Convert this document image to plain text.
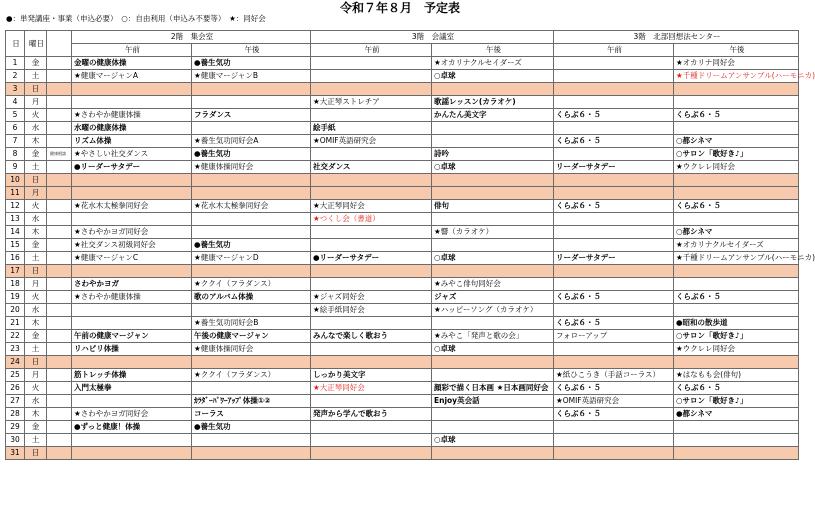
令和７年８月　予定表
●：単発講座・事業（申込必要）　○：自由利用（申込み不要等）　★：同好会
日	曜日		2階　集会室		3階　会議室		3階　北部回想法センター	
			午前	午後	午前	午後	午前	午後
1	金		金曜の健康体操	●養生気功		★オカリナクルセイダーズ		★オカリナ同好会
2	土		★健康マージャンA	★健康マージャンB		○卓球		★千種ドリームアンサンブル(ハーモニカ)
3	日							
4	月				★大正琴ストレチア	歌謡レッスン(カラオケ)		
5	火		★さわやか健康体操	フラダンス		かんたん美文字	くらぶ６・５	くらぶ６・５
6	水		水曜の健康体操		絵手紙			
7	木		リズム体操	★養生気功同好会A	★OMIF英語研究会		くらぶ６・５	○都シネマ
8	金	健康相談	★やさしい社交ダンス	●養生気功		詩吟		○サロン「歌好き♪」
9	土		●リーダーサタデー	★健康体操同好会	社交ダンス	○卓球	リーダーサタデー	★ウクレレ同好会
10	日							
11	月							
12	火		★花水木太極拳同好会	★花水木太極拳同好会	★大正琴同好会	俳句	くらぶ６・５	くらぶ６・５
13	水				★つくし会（書道）			
14	木		★さわやかヨガ同好会			★響（カラオケ）		○都シネマ
15	金		★社交ダンス初級同好会	●養生気功				★オカリナクルセイダーズ
16	土		★健康マージャンC	★健康マージャンD	●リーダーサタデー	○卓球	リーダーサタデー	★千種ドリームアンサンブル(ハーモニカ)
17	日							
18	月		さわやかヨガ	★ククイ（フラダンス）		★みやこ俳句同好会		
19	火		★さわやか健康体操	歌のアルバム体操	★ジャズ同好会	ジャズ	くらぶ６・５	くらぶ６・５
20	水				★絵手紙同好会	★ハッピーソング（カラオケ）		
21	木			★養生気功同好会B			くらぶ６・５	●昭和の散歩道
22	金		午前の健康マージャン	午後の健康マージャン	みんなで楽しく歌おう	★みやこ「発声と歌の会」	フォローアップ	○サロン「歌好き♪」
23	土		リハビリ体操	★健康体操同好会		○卓球		★ウクレレ同好会
24	日							
25	月		筋トレッチ体操	★ククイ（フラダンス）	しっかり美文字		★紙ひこうき（手話コーラス）	★はなもも会(俳句)
26	火		入門太極拳		★大正琴同好会	顔彩で描く日本画 ★日本画同好会	くらぶ６・５	くらぶ６・５
27	水			ｶﾗﾀﾞｰﾊﾟﾜｰｱｯﾌﾟ体操①②		Enjoy英会話	★OMIF英語研究会	○サロン「歌好き♪」
28	木		★さわやかヨガ同好会	コーラス	発声から学んで歌おう		くらぶ６・５	●都シネマ
29	金		●ずっと健康！体操	●養生気功				
30	土					○卓球		
31	日							
